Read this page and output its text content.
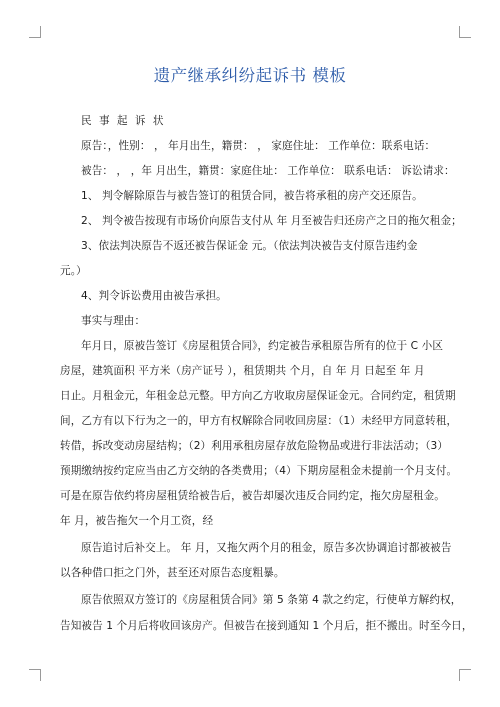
遗产继承纠纷起诉书 模板
民 事 起 诉 状
原告：，性别： ， 年月出生，籍贯： ， 家庭住址： 工作单位：联系电话：
被告： ， ，年 月出生，籍贯：家庭住址： 工作单位： 联系电话： 诉讼请求：
1、 判令解除原告与被告签订的租赁合同，被告将承租的房产交还原告。
2、 判令被告按现有市场价向原告支付从 年 月至被告归还房产之日的拖欠租金；
3、依法判决原告不返还被告保证金 元。（依法判决被告支付原告违约金
元。）
4、判令诉讼费用由被告承担。
事实与理由：
年月日，原被告签订《房屋租赁合同》，约定被告承租原告所有的位于 C 小区
房屋，建筑面积 平方米（房产证号 ），租赁期共 个月，自 年 月 日起至 年 月
日止。月租金元，年租金总元整。甲方向乙方收取房屋保证金元。合同约定，租赁期
间，乙方有以下行为之一的，甲方有权解除合同收回房屋：（1）未经甲方同意转租，
转借，拆改变动房屋结构；（2）利用承租房屋存放危险物品或进行非法活动；（3）
预期缴纳按约定应当由乙方交纳的各类费用；（4）下期房屋租金未提前一个月支付。
可是在原告依约将房屋租赁给被告后，被告却屡次违反合同约定，拖欠房屋租金。
年 月，被告拖欠一个月工资，经
原告追讨后补交上。 年 月，又拖欠两个月的租金，原告多次协调追讨都被被告
以各种借口拒之门外，甚至还对原告态度粗暴。
原告依照双方签订的《房屋租赁合同》第 5 条第 4 款之约定，行使单方解约权，
告知被告 1 个月后将收回该房产。但被告在接到通知 1 个月后，拒不搬出。时至今日，
